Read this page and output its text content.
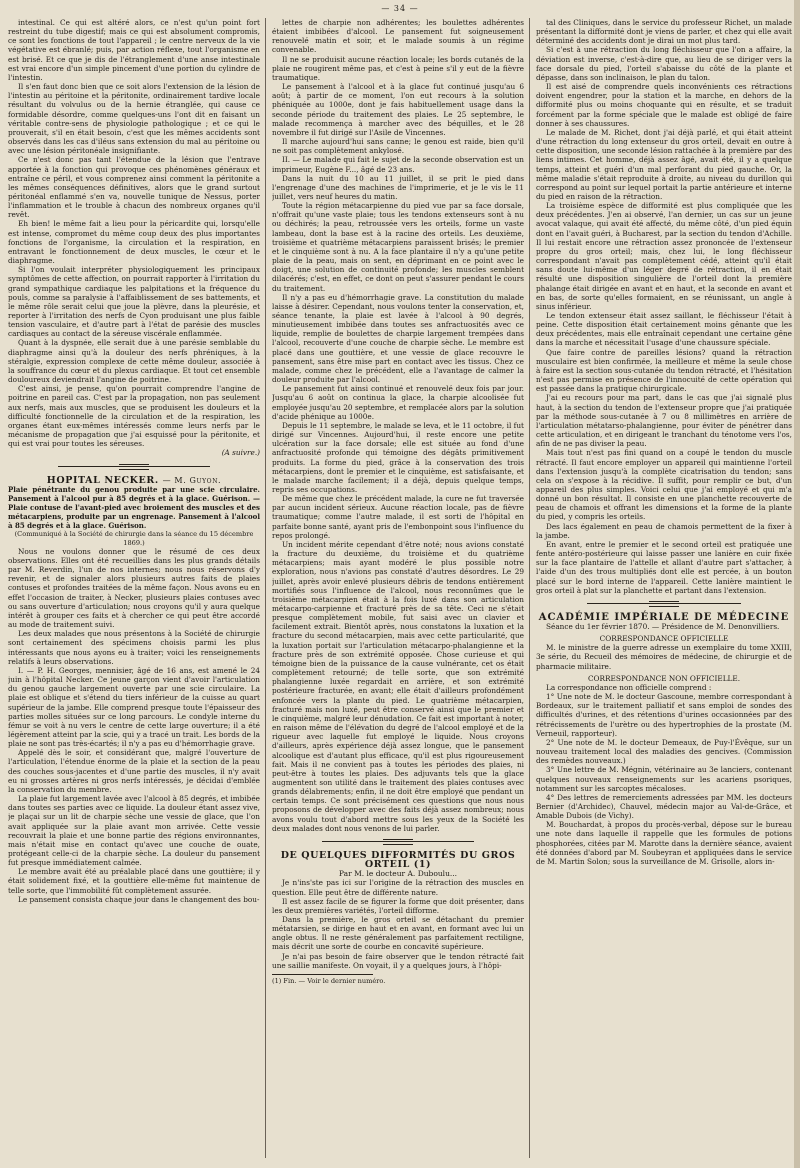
— 34 —

intestinal. Ce qui est altéré alors, ce n'est qu'un point fort restreint du tube digestif; mais ce qui est absolument compromis, ce sont les fonctions de tout l'appareil ; le centre nerveux de la vie végétative est ébranlé; puis, par action réflexe, tout l'organisme en est brisé. Et ce que je dis de l'étranglement d'une anse intestinale est vrai encore d'un simple pincement d'une portion du cylindre de l'intestin.

Il s'en faut donc bien que ce soit alors l'extension de la lésion de l'intestin au péritoine et la péritonite, ordinairement tardive locale résultant du volvulus ou de la hernie étranglée, qui cause ce formidable désordre, comme quelques-uns l'ont dit en faisant un véritable contre-sens de physiologie pathologique ; et ce qui le prouverait, s'il en était besoin, c'est que les mêmes accidents sont observés dans les cas d'iléus sans extension du mal au péritoine ou avec une lésion péritonéale insignifiante.

Ce n'est donc pas tant l'étendue de la lésion que l'entrave apportée à la fonction qui provoque ces phénomènes généraux et entraîne ce péril, et vous comprenez ainsi comment la péritonite a les mêmes conséquences définitives, alors que le grand surtout péritonéal enflammé s'en va, nouvelle tunique de Nessus, porter l'inflammation et le trouble à chacun des nombreux organes qu'il revêt.

Eh bien! le même fait a lieu pour la péricardite qui, lorsqu'elle est intense, compromet du même coup deux des plus importantes fonctions de l'organisme, la circulation et la respiration, en entravant le fonctionnement de deux muscles, le cœur et le diaphragme.

Si l'on voulait interpréter physiologiquement les principaux symptômes de cette affection, on pourrait rapporter à l'irritation du grand sympathique cardiaque les palpitations et la fréquence du pouls, comme sa paralysie à l'affaiblissement de ses battements, et le même rôle serait celui que joue la plèvre, dans la pleurésie, et reporter à l'irritation des nerfs de Cyon produisant une plus faible tension vasculaire, et d'autre part à l'état de parésie des muscles cardiaques au contact de la séreuse viscérale enflammée.

Quant à la dyspnée, elle serait due à une parésie semblable du diaphragme ainsi qu'à la douleur des nerfs phréniques, à la stéralgie, expression complexe de cette même douleur, associée à la souffrance du cœur et du plexus cardiaque. Et tout cet ensemble douloureux deviendrait l'angine de poitrine.

C'est ainsi, je pense, qu'on pourrait comprendre l'angine de poitrine en pareil cas. C'est par la propagation, non pas seulement aux nerfs, mais aux muscles, que se produisent les douleurs et la difficulté fonctionnelle de la circulation et de la respiration, les organes étant eux-mêmes intéressés comme leurs nerfs par le mécanisme de propagation que j'ai esquissé pour la péritonite, et qui est vrai pour toutes les séreuses.

(A suivre.)

HOPITAL NECKER. — M. Guyon.

Plaie pénétrante du genou produite par une scie circulaire. Pansement à l'alcool pur à 85 degrés et à la glace. Guérison. — Plaie contuse de l'avant-pied avec broiement des muscles et des métacarpiens, produite par un engrenage. Pansement à l'alcool à 85 degrés et à la glace. Guérison.

(Communiqué à la Société de chirurgie dans la séance du 15 décembre 1869.)

Nous ne voulons donner que le résumé de ces deux observations. Elles ont été recueillies dans les plus grands détails par M. Reverdin, l'un de nos internes; nous nous réservons d'y revenir, et de signaler alors plusieurs autres faits de plaies contuses et profondes traitées de la même façon. Nous avons eu en effet l'occasion de traiter, à Necker, plusieurs plaies contuses avec ou sans ouverture d'articulation; nous croyons qu'il y aura quelque intérêt à grouper ces faits et à chercher ce qui peut être accordé au mode de traitement suivi.

Les deux malades que nous présentons à la Société de chirurgie sont certainement des spécimens choisis parmi les plus intéressants que nous ayons eu à traiter; voici les renseignements relatifs à leurs observations.

I. — P. H. Georges, mennisier, âgé de 16 ans, est amené le 24 juin à l'hôpital Necker. Ce jeune garçon vient d'avoir l'articulation du genou gauche largement ouverte par une scie circulaire. La plaie est oblique et s'étend du tiers inférieur de la cuisse au quart supérieur de la jambe. Elle comprend presque toute l'épaisseur des parties molles situées sur ce long parcours. Le condyle interne du fémur se voit à nu vers le centre de cette large ouverture; il a été légèrement atteint par la scie, qui y a tracé un trait. Les bords de la plaie ne sont pas très-écartés; il n'y a pas eu d'hémorrhagie grave.

Appelé dès le soir, et considérant que, malgré l'ouverture de l'articulation, l'étendue énorme de la plaie et la section de la peau des couches sous-jacentes et d'une partie des muscles, il n'y avait eu ni grosses artères ni gros nerfs intéressés, je décidai d'emblée la conservation du membre.

La plaie fut largement lavée avec l'alcool à 85 degrés, et imbibée dans toutes ses parties avec ce liquide. La douleur étant assez vive, je plaçai sur un lit de charpie sèche une vessie de glace, que l'on avait appliquée sur la plaie avant mon arrivée. Cette vessie recouvrait la plaie et une bonne partie des régions environnantes, mais n'était mise en contact qu'avec une couche de ouate, protégeant celle-ci de la charpie sèche. La douleur du pansement fut presque immédiatement calmée.

Le membre avait été au préalable placé dans une gouttière; il y était solidement fixé, et la gouttière elle-même fut maintenue de telle sorte, que l'immobilité fût complètement assurée.

Le pansement consista chaque jour dans le changement des bou-

lettes de charpie non adhérentes; les boulettes adhérentes étaient imbibées d'alcool. Le pansement fut soigneusement renouvelé matin et soir, et le malade soumis à un régime convenable.

Il ne se produisit aucune réaction locale; les bords cutanés de la plaie ne rougirent même pas, et c'est à peine s'il y eut de la fièvre traumatique.

Le pansement à l'alcool et à la glace fut continué jusqu'au 6 août; à partir de ce moment, l'on eut recours à la solution phéniquée au 1000e, dont je fais habituellement usage dans la seconde période du traitement des plaies. Le 25 septembre, le malade recommença à marcher avec des béquilles, et le 28 novembre il fut dirigé sur l'Asile de Vincennes.

Il marche aujourd'hui sans canne; le genou est raide, bien qu'il ne soit pas complètement ankylosé.

II. — Le malade qui fait le sujet de la seconde observation est un imprimeur, Eugène F..., âgé de 23 ans.

Dans la nuit du 10 au 11 juillet, il se prit le pied dans l'engrenage d'une des machines de l'imprimerie, et je le vis le 11 juillet, vers neuf heures du matin.

Toute la région métacarpienne du pied vue par sa face dorsale, n'offrait qu'une vaste plaie; tous les tendons extenseurs sont à nu ou déchirés; la peau, retroussée vers les orteils, forme un vaste lambeau, dont la base est à la racine des orteils. Les deuxième, troisième et quatrième métacarpiens paraissent brisés; le premier et le cinquième sont à nu. A la face plantaire il n'y a qu'une petite plaie de la peau, mais on sent, en déprimant en ce point avec le doigt, une solution de continuité profonde; les muscles semblent dilacérés; c'est, en effet, ce dont on peut s'assurer pendant le cours du traitement.

Il n'y a pas eu d'hémorrhagie grave. La constitution du malade laisse à désirer. Cependant, nous voulons tenter la conservation, et, séance tenante, la plaie est lavée à l'alcool à 90 degrés, minutieusement imbibée dans toutes ses anfractuosités avec ce liquide, remplie de boulettes de charpie largement trempées dans l'alcool, recouverte d'une couche de charpie sèche. Le membre est placé dans une gouttière, et une vessie de glace recouvre le pansement, sans être mise part en contact avec les tissus. Chez ce malade, comme chez le précédent, elle a l'avantage de calmer la douleur produite par l'alcool.

Le pansement fut ainsi continué et renouvelé deux fois par jour. Jusqu'au 6 août on continua la glace, la charpie alcoolisée fut employée jusqu'au 20 septembre, et remplacée alors par la solution d'acide phénique au 1000e.

Depuis le 11 septembre, le malade se leva, et le 11 octobre, il fut dirigé sur Vincennes. Aujourd'hui, il reste encore une petite ulcération sur la face dorsale; elle est située au fond d'une anfractuosité profonde qui témoigne des dégâts primitivement produits. La forme du pied, grâce à la conservation des trois métacarpiens, dont le premier et le cinquième, est satisfaisante, et le malade marche facilement; il a déjà, depuis quelque temps, repris ses occupations.

De même que chez le précédent malade, la cure ne fut traversée par aucun incident sérieux. Aucune réaction locale, pas de fièvre traumatique; comme l'autre malade, il est sorti de l'hôpital en parfaite bonne santé, ayant pris de l'embonpoint sous l'influence du repos prolongé.

Un incident mérite cependant d'être noté; nous avions constaté la fracture du deuxième, du troisième et du quatrième métacarpiens; mais ayant modéré le plus possible notre exploration, nous n'avions pas constaté d'autres désordres. Le 29 juillet, après avoir enlevé plusieurs débris de tendons entièrement mortifiés sous l'influence de l'alcool, nous reconnûmes que le troisième métacarpien était à la fois luxé dans son articulation métacarpo-carpienne et fracturé près de sa tête. Ceci ne s'était presque complètement mobile, fut saisi avec un clavier et facilement extrait. Bientôt après, nous constatons la luxation et la fracture du second métacarpien, mais avec cette particularité, que la luxation portait sur l'articulation métacarpo-phalangienne et la fracture près de son extrémité opposée. Chose curieuse et qui témoigne bien de la puissance de la cause vulnérante, cet os était complètement retourné; de telle sorte, que son extrémité phalangienne luxée regardait en arrière, et son extrémité postérieure fracturée, en avant; elle était d'ailleurs profondément enfoncée vers la plante du pied. Le quatrième métacarpien, fracturé mais non luxé, peut être conservé ainsi que le premier et le cinquième, malgré leur dénudation. Ce fait est important à noter, en raison même de l'élévation du degré de l'alcool employé et de la rigueur avec laquelle fut employé le liquide. Nous croyons d'ailleurs, après expérience déjà assez longue, que le pansement alcoolique est d'autant plus efficace, qu'il est plus rigoureusement fait. Mais il ne convient pas à toutes les périodes des plaies, ni peut-être à toutes les plaies. Des adjuvants tels que la glace augmentent son utilité dans le traitement des plaies contuses avec grands délabrements; enfin, il ne doit être employé que pendant un certain temps. Ce sont précisément ces questions que nous nous proposons de développer avec des faits déjà assez nombreux; nous avons voulu tout d'abord mettre sous les yeux de la Société les deux malades dont nous venons de lui parler.

DE QUELQUES DIFFORMITÉS DU GROS ORTEIL (1)

Par M. le docteur A. Duboulu...

Je n'ins'ste pas ici sur l'origine de la rétraction des muscles en question. Elle peut être de différente nature.

Il est assez facile de se figurer la forme que doit présenter, dans les deux premières variétés, l'orteil difforme.

Dans la première, le gros orteil se détachant du premier métatarsien, se dirige en haut et en avant, en formant avec lui un angle obtus. Il ne reste généralement pas parfaitement rectiligne, mais décrit une sorte de courbe en concavité supérieure.

Je n'ai pas besoin de faire observer que le tendon rétracté fait une saillie manifeste. On voyait, il y a quelques jours, à l'hôpi-

(1) Fin. — Voir le dernier numéro.

tal des Cliniques, dans le service du professeur Richet, un malade présentant la difformité dont je viens de parler, et chez qui elle avait déterminé des accidents dont je dirai un mot plus tard.

Si c'est à une rétraction du long fléchisseur que l'on a affaire, la déviation est inverse, c'est-à-dire que, au lieu de se diriger vers la face dorsale du pied, l'orteil s'abaisse du côté de la plante et dépasse, dans son inclinaison, le plan du talon.

Il est aisé de comprendre quels inconvénients ces rétractions doivent engendrer, pour la station et la marche, en dehors de la difformité plus ou moins choquante qui en résulte, et se traduit forcément par la forme spéciale que le malade est obligé de faire donner à ses chaussures.

Le malade de M. Richet, dont j'ai déjà parlé, et qui était atteint d'une rétraction du long extenseur du gros orteil, devait en outre à cette disposition, une seconde lésion rattachée à la première par des liens intimes. Cet homme, déjà assez âgé, avait été, il y a quelque temps, atteint et guéri d'un mal perforant du pied gauche. Or, la même maladie s'était reproduite à droite, au niveau du durillon qui correspond au point sur lequel portait la partie antérieure et interne du pied en raison de la rétraction.

La troisième espèce de difformité est plus compliquée que les deux précédentes. J'en ai observé, l'an dernier, un cas sur un jeune avocat valaque, qui avait été affecté, du même côté, d'un pied équin dont en l'avait guéri, à Bucharest, par la section du tendon d'Achille. Il lui restait encore une rétraction assez prononcée de l'extenseur propre du gros orteil; mais, chez lui, le long fléchisseur correspondant n'avait pas complètement cédé, atteint qu'il était sans doute lui-même d'un léger degré de rétraction, il en était résulté une disposition singulière de l'orteil dont la première phalange était dirigée en avant et en haut, et la seconde en avant et en bas, de sorte qu'elles formaient, en se réunissant, un angle à sinus inférieur.

Le tendon extenseur était assez saillant, le fléchisseur l'était à peine. Cette disposition était certainement moins gênante que les deux précédentes, mais elle entraînait cependant une certaine gêne dans la marche et nécessitait l'usage d'une chaussure spéciale.

Que faire contre de pareilles lésions? quand la rétraction musculaire est bien confirmée, la meilleure et même la seule chose à faire est la section sous-cutanée du tendon rétracté, et l'hésitation n'est pas permise en présence de l'innocuité de cette opération qui est passée dans la pratique chirurgicale.

J'ai eu recours pour ma part, dans le cas que j'ai signalé plus haut, à la section du tendon de l'extenseur propre que j'ai pratiquée par la méthode sous-cutanée à 7 ou 8 millimètres en arrière de l'articulation métatarso-phalangienne, pour éviter de pénétrer dans cette articulation, et en dirigeant le tranchant du ténotome vers l'os, afin de ne pas diviser la peau.

Mais tout n'est pas fini quand on a coupé le tendon du muscle rétracté. Il faut encore employer un appareil qui maintienne l'orteil dans l'extension jusqu'à la complète cicatrisation du tendon; sans cela on s'expose à la récidive. Il suffit, pour remplir ce but, d'un appareil des plus simples. Voici celui que j'ai employé et qui m'a donné un bon résultat. Il consiste en une planchette recouverte de peau de chamois et offrant les dimensions et la forme de la plante du pied, y compris les orteils.

Des lacs également en peau de chamois permettent de la fixer à la jambe.

En avant, entre le premier et le second orteil est pratiquée une fente antéro-postérieure qui laisse passer une lanière en cuir fixée sur la face plantaire de l'attelle et allant d'autre part s'attacher, à l'aide d'un des trous multipliés dont elle est percée, à un bouton placé sur le bord interne de l'appareil. Cette lanière maintient le gros orteil à plat sur la planchette et partant dans l'extension.

ACADÉMIE IMPÉRIALE DE MÉDECINE

Séance du 1er février 1870. — Présidence de M. Denonvilliers.

CORRESPONDANCE OFFICIELLE

M. le ministre de la guerre adresse un exemplaire du tome XXIII, 3e série, du Recueil des mémoires de médecine, de chirurgie et de pharmacie militaire.

CORRESPONDANCE NON OFFICIELLE.

La correspondance non officielle comprend :

1° Une note de M. le docteur Gascoune, membre correspondant à Bordeaux, sur le traitement palliatif et sans emploi de sondes des difficultés d'urines, et des rétentions d'urines occasionnées par des rétrécissements de l'urètre ou des hypertrophies de la prostate (M. Verneuil, rapporteur).

2° Une note de M. le docteur Demeaux, de Puy-l'Évêque, sur un nouveau traitement local des maladies des gencives. (Commission des remèdes nouveaux.)

3° Une lettre de M. Mégnin, vétérinaire au 3e lanciers, contenant quelques nouveaux renseignements sur les acariens psoriques, notamment sur les sarcoptes mécaloses.

4° Des lettres de remerciements adressées par MM. les docteurs Bernier (d'Archidec), Chauvel, médecin major au Val-de-Grâce, et Amable Dubois (de Vichy).

M. Bouchardat, à propos du procès-verbal, dépose sur le bureau une note dans laquelle il rappelle que les formules de potions phosphorées, citées par M. Marotte dans la dernière séance, avaient été données d'abord par M. Soubeyran et appliquées dans le service de M. Martin Solon; sous la surveillance de M. Grisolle, alors in-
